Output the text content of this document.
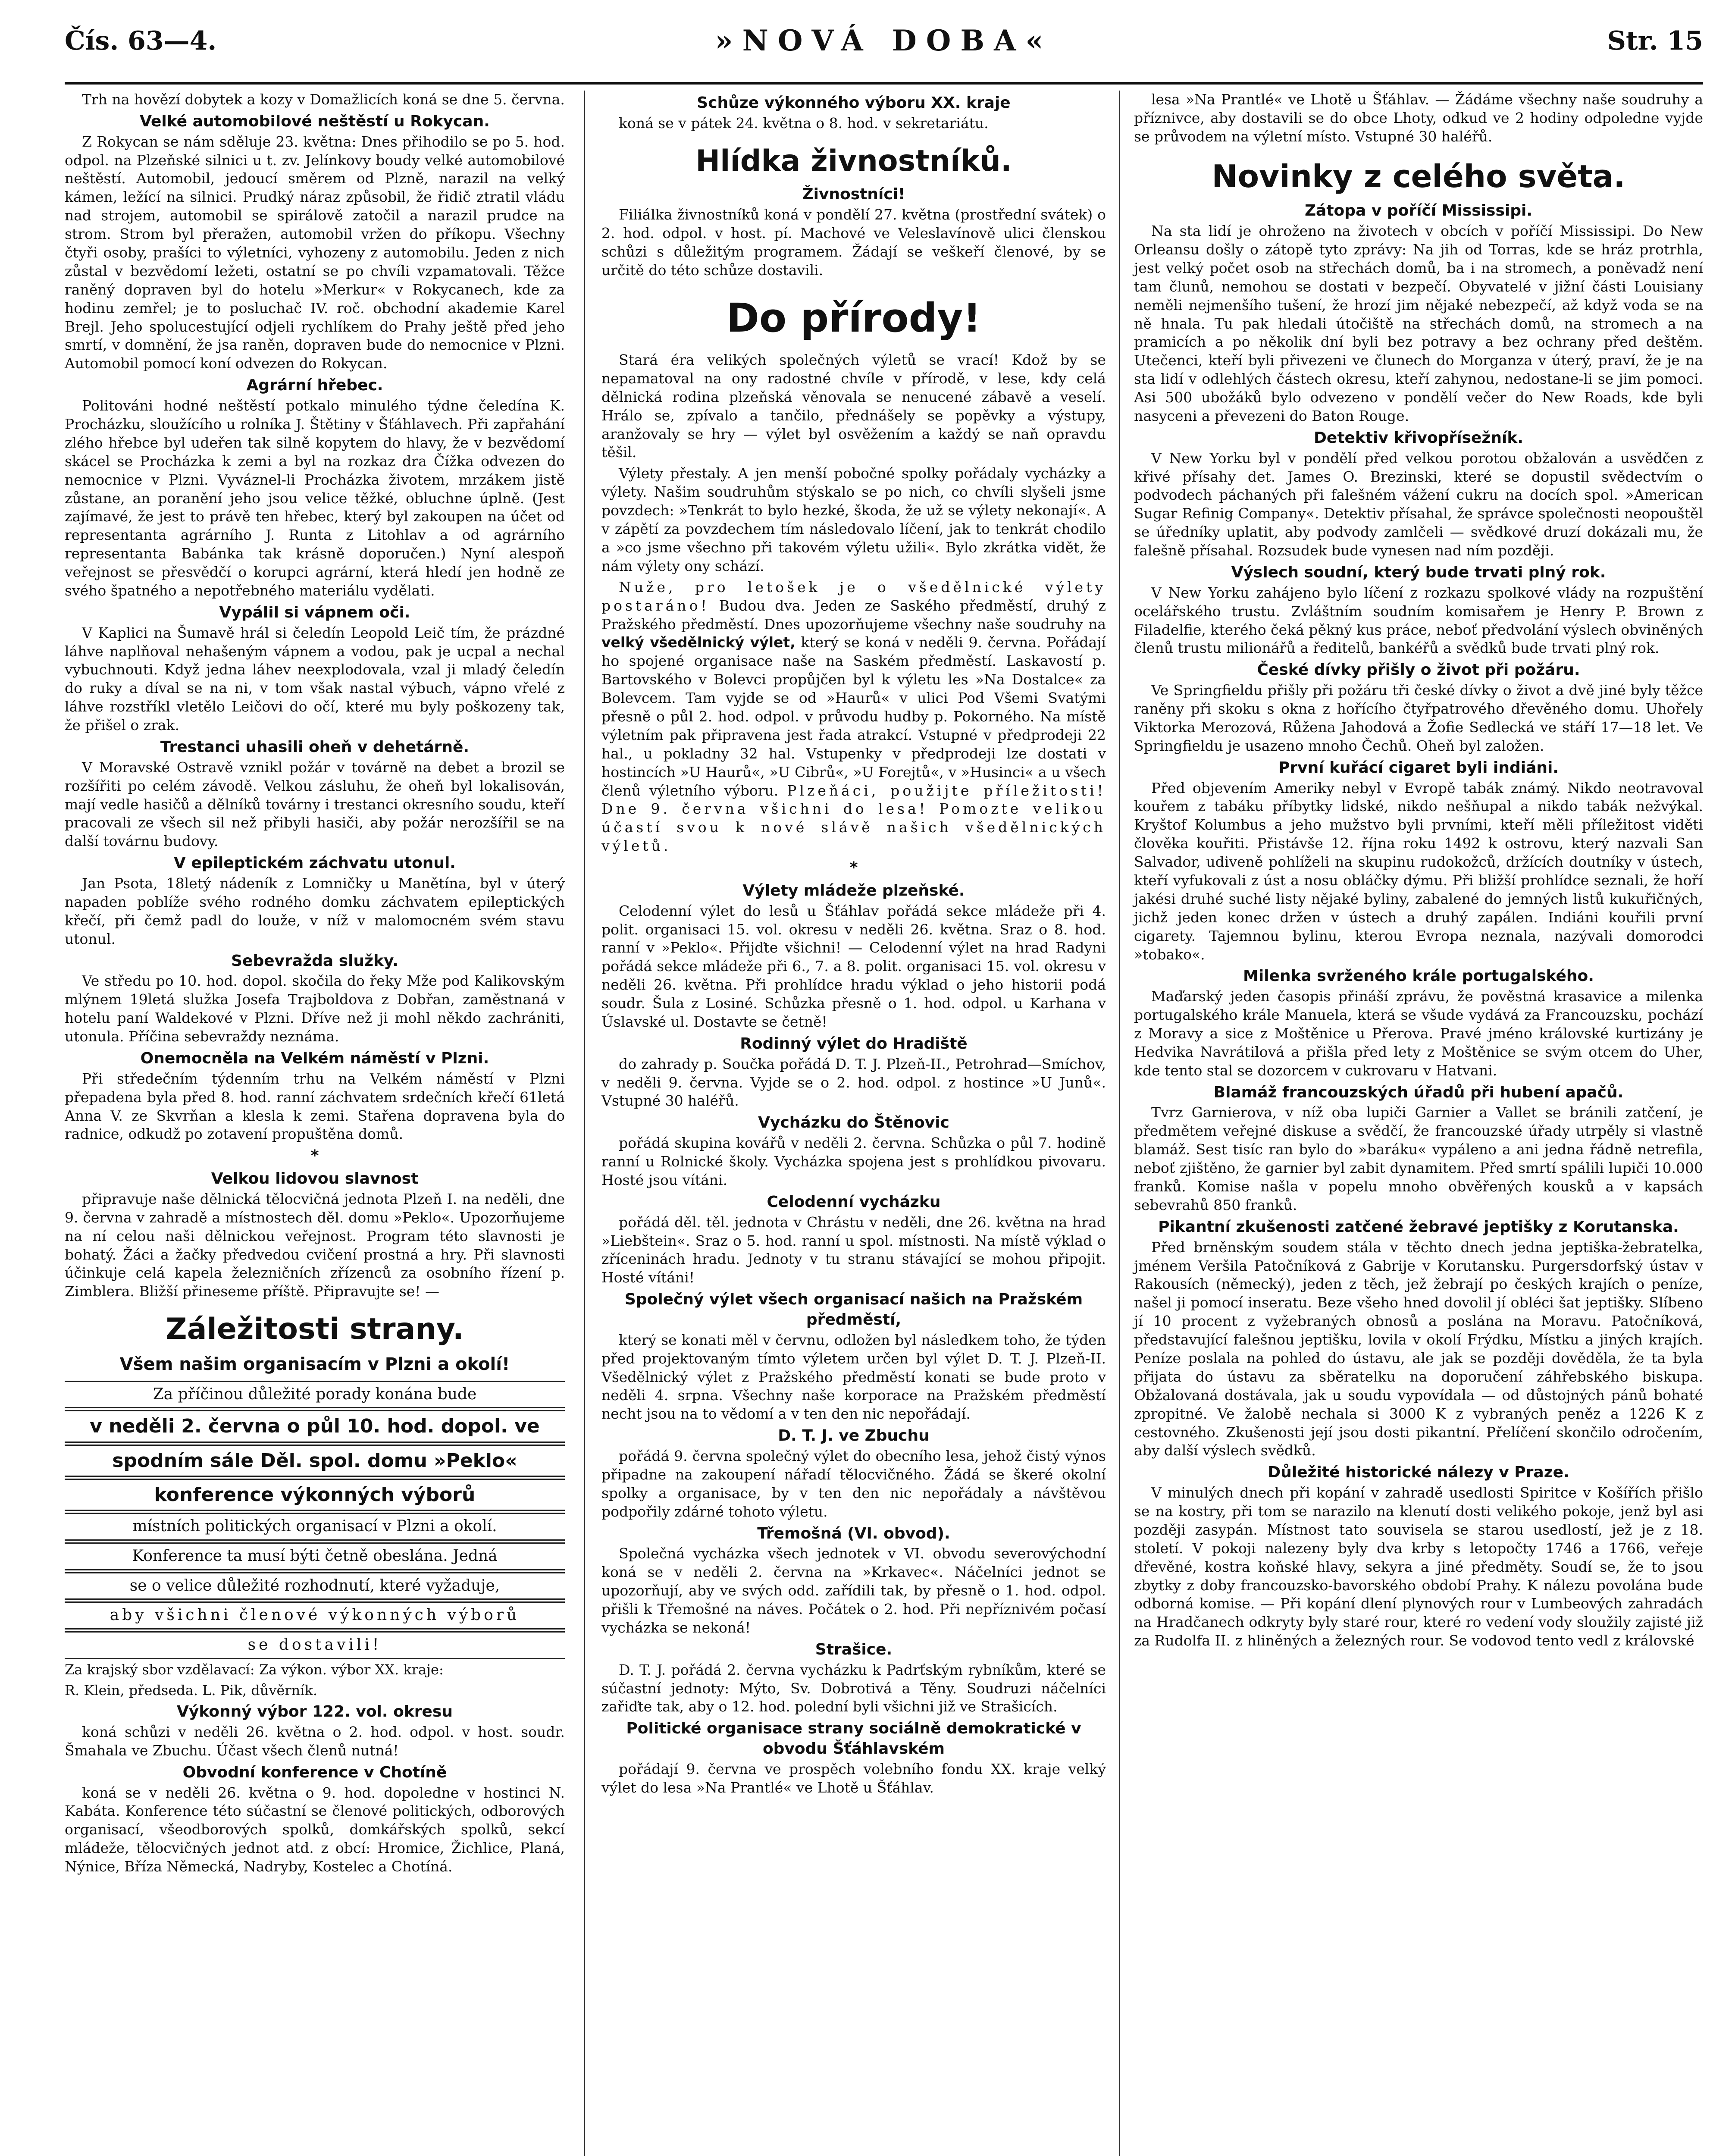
Čís. 63—4.	»NOVÁ DOBA«	Str. 15

Trh na hovězí dobytek a kozy v Domažlicích koná se dne 5. června.

Velké automobilové neštěstí u Rokycan.

Z Rokycan se nám sděluje 23. května: Dnes přihodilo se po 5. hod. odpol. na Plzeňské silnici u t. zv. Jelínkovy boudy velké automobilové neštěstí. Automobil, jedoucí směrem od Plzně, narazil na velký kámen, ležící na silnici. Prudký náraz způsobil, že řidič ztratil vládu nad strojem, automobil se spirálově zatočil a narazil prudce na strom. Strom byl přeražen, automobil vržen do příkopu. Všechny čtyři osoby, prašíci to výletníci, vyhozeny z automobilu. Jeden z nich zůstal v bezvědomí ležeti, ostatní se po chvíli vzpamatovali. Těžce raněný dopraven byl do hotelu »Merkur« v Rokycanech, kde za hodinu zemřel; je to posluchač IV. roč. obchodní akademie Karel Brejl. Jeho spolucestující odjeli rychlíkem do Prahy ještě před jeho smrtí, v domnění, že jsa raněn, dopraven bude do nemocnice v Plzni. Automobil pomocí koní odvezen do Rokycan.

Agrární hřebec.

Politováni hodné neštěstí potkalo minulého týdne čeledína K. Procházku, sloužícího u rolníka J. Štětiny v Šťáhlavech. Při zapřahání zlého hřebce byl udeřen tak silně kopytem do hlavy, že v bezvědomí skácel se Procházka k zemi a byl na rozkaz dra Čížka odvezen do nemocnice v Plzni. Vyváznel-li Procházka životem, mrzákem jistě zůstane, an poranění jeho jsou velice těžké, obluchne úplně. (Jest zajímavé, že jest to právě ten hřebec, který byl zakoupen na účet od representanta agrárního J. Runta z Litohlav a od agrárního representanta Babánka tak krásně doporučen.) Nyní alespoň veřejnost se přesvědčí o korupci agrární, která hledí jen hodně ze svého špatného a nepotřebného materiálu vydělati.

Vypálil si vápnem oči.

V Kaplici na Šumavě hrál si čeledín Leopold Leič tím, že prázdné láhve naplňoval nehašeným vápnem a vodou, pak je ucpal a nechal vybuchnouti. Když jedna láhev neexplodovala, vzal ji mladý čeledín do ruky a díval se na ni, v tom však nastal výbuch, vápno vřelé z láhve rozstříkl vletělo Leičovi do očí, které mu byly poškozeny tak, že přišel o zrak.

Trestanci uhasili oheň v dehetárně.

V Moravské Ostravě vznikl požár v továrně na debet a brozil se rozšířiti po celém závodě. Velkou zásluhu, že oheň byl lokalisován, mají vedle hasičů a dělníků továrny i trestanci okresního soudu, kteří pracovali ze všech sil než přibyli hasiči, aby požár nerozšířil se na další továrnu budovy.

V epileptickém záchvatu utonul.

Jan Psota, 18letý nádeník z Lomničky u Manětína, byl v úterý napaden poblíže svého rodného domku záchvatem epileptických křečí, při čemž padl do louže, v níž v malomocném svém stavu utonul.

Sebevražda služky.

Ve středu po 10. hod. dopol. skočila do řeky Mže pod Kalikovským mlýnem 19letá služka Josefa Trajboldova z Dobřan, zaměstnaná v hotelu paní Waldekové v Plzni. Dříve než ji mohl někdo zachrániti, utonula. Příčina sebevraždy neznáma.

Onemocněla na Velkém náměstí v Plzni.

Při středečním týdenním trhu na Velkém náměstí v Plzni přepadena byla před 8. hod. ranní záchvatem srdečních křečí 61letá Anna V. ze Skvrňan a klesla k zemi. Stařena dopravena byla do radnice, odkudž po zotavení propuštěna domů.

*
Velkou lidovou slavnost

připravuje naše dělnická tělocvičná jednota Plzeň I. na neděli, dne 9. června v zahradě a místnostech děl. domu »Peklo«. Upozorňujeme na ní celou naši dělnickou veřejnost. Program této slavnosti je bohatý. Žáci a žačky předvedou cvičení prostná a hry. Při slavnosti účinkuje celá kapela železničních zřízenců za osobního řízení p. Zimblera. Bližší přineseme příště. Připravujte se! —

Záležitosti strany.
Všem našim organisacím v Plzni a okolí!
Za příčinou důležité porady konána bude
v neděli 2. června o půl 10. hod. dopol. ve
spodním sále Děl. spol. domu »Peklo«
konference výkonných výborů
místních politických organisací v Plzni a okolí.
Konference ta musí býti četně obeslána. Jedná
se o velice důležité rozhodnutí, které vyžaduje,
aby všichni členové výkonných výborů
se dostavili!

Za krajský sbor vzdělavací: Za výkon. výbor XX. kraje:

R. Klein, předseda. L. Pik, důvěrník.

Výkonný výbor 122. vol. okresu

koná schůzi v neděli 26. května o 2. hod. odpol. v host. soudr. Šmahala ve Zbuchu. Účast všech členů nutná!

Obvodní konference v Chotíně

koná se v neděli 26. května o 9. hod. dopoledne v hostinci N. Kabáta. Konference této súčastní se členové politických, odborových organisací, všeodborových spolků, domkářských spolků, sekcí mládeže, tělocvičných jednot atd. z obcí: Hromice, Žichlice, Planá, Nýnice, Bříza Německá, Nadryby, Kostelec a Chotíná.

Schůze výkonného výboru XX. kraje

koná se v pátek 24. května o 8. hod. v sekretariátu.

Hlídka živnostníků.
Živnostníci!

Filiálka živnostníků koná v pondělí 27. května (prostřední svátek) o 2. hod. odpol. v host. pí. Machové ve Veleslavínově ulici členskou schůzi s důležitým programem. Žádají se veškeří členové, by se určitě do této schůze dostavili.

Do přírody!

Stará éra velikých společných výletů se vrací! Kdož by se nepamatoval na ony radostné chvíle v přírodě, v lese, kdy celá dělnická rodina plzeňská věnovala se nenucené zábavě a veselí. Hrálo se, zpívalo a tančilo, přednášely se popěvky a výstupy, aranžovaly se hry — výlet byl osvěžením a každý se naň opravdu těšil.

Výlety přestaly. A jen menší pobočné spolky pořádaly vycházky a výlety. Našim soudruhům stýskalo se po nich, co chvíli slyšeli jsme povzdech: »Tenkrát to bylo hezké, škoda, že už se výlety nekonají«. A v zápětí za povzdechem tím následovalo líčení, jak to tenkrát chodilo a »co jsme všechno při takovém výletu užili«. Bylo zkrátka vidět, že nám výlety ony schází.

Nuže, pro letošek je o všedělnické výlety postaráno! Budou dva. Jeden ze Saského předměstí, druhý z Pražského předměstí. Dnes upozorňujeme všechny naše soudruhy na velký všedělnický výlet, který se koná v neděli 9. června. Pořádají ho spojené organisace naše na Saském předměstí. Laskavostí p. Bartovského v Bolevci propůjčen byl k výletu les »Na Dostalce« za Bolevcem. Tam vyjde se od »Haurů« v ulici Pod Všemi Svatými přesně o půl 2. hod. odpol. v průvodu hudby p. Pokorného. Na místě výletním pak připravena jest řada atrakcí. Vstupné v předprodeji 22 hal., u pokladny 32 hal. Vstupenky v předprodeji lze dostati v hostincích »U Haurů«, »U Cibrů«, »U Forejtů«, v »Husinci« a u všech členů výletního výboru. Plzeňáci, použijte příležitosti! Dne 9. června všichni do lesa! Pomozte velikou účastí svou k nové slávě našich všedělnických výletů.

*
Výlety mládeže plzeňské.

Celodenní výlet do lesů u Šťáhlav pořádá sekce mládeže při 4. polit. organisaci 15. vol. okresu v neděli 26. května. Sraz o 8. hod. ranní v »Peklo«. Přijďte všichni! — Celodenní výlet na hrad Radyni pořádá sekce mládeže při 6., 7. a 8. polit. organisaci 15. vol. okresu v neděli 26. května. Při prohlídce hradu výklad o jeho historii podá soudr. Šula z Losiné. Schůzka přesně o 1. hod. odpol. u Karhana v Úslavské ul. Dostavte se četně!

Rodinný výlet do Hradiště

do zahrady p. Součka pořádá D. T. J. Plzeň-II., Petrohrad—Smíchov, v neděli 9. června. Vyjde se o 2. hod. odpol. z hostince »U Junů«. Vstupné 30 haléřů.

Vycházku do Štěnovic

pořádá skupina kovářů v neděli 2. června. Schůzka o půl 7. hodině ranní u Rolnické školy. Vycházka spojena jest s prohlídkou pivovaru. Hosté jsou vítáni.

Celodenní vycházku

pořádá děl. těl. jednota v Chrástu v neděli, dne 26. května na hrad »Liebštein«. Sraz o 5. hod. ranní u spol. místnosti. Na místě výklad o zříceninách hradu. Jednoty v tu stranu stávající se mohou připojit. Hosté vítáni!

Společný výlet všech organisací našich na Pražském předměstí,

který se konati měl v červnu, odložen byl následkem toho, že týden před projektovaným tímto výletem určen byl výlet D. T. J. Plzeň-II. Všedělnický výlet z Pražského předměstí konati se bude proto v neděli 4. srpna. Všechny naše korporace na Pražském předměstí necht jsou na to vědomí a v ten den nic nepořádají.

D. T. J. ve Zbuchu

pořádá 9. června společný výlet do obecního lesa, jehož čistý výnos připadne na zakoupení nářadí tělocvičného. Žádá se škeré okolní spolky a organisace, by v ten den nic nepořádaly a návštěvou podpořily zdárné tohoto výletu.

Třemošná (VI. obvod).

Společná vycházka všech jednotek v VI. obvodu severovýchodní koná se v neděli 2. června na »Krkavec«. Náčelníci jednot se upozorňují, aby ve svých odd. zařídili tak, by přesně o 1. hod. odpol. přišli k Třemošné na náves. Počátek o 2. hod. Při nepříznivém počasí vycházka se nekoná!

Strašice.

D. T. J. pořádá 2. června vycházku k Padrťským rybníkům, které se súčastní jednoty: Mýto, Sv. Dobrotivá a Těny. Soudruzi náčelníci zařiďte tak, aby o 12. hod. polední byli všichni již ve Strašicích.

Politické organisace strany sociálně demokratické v obvodu Šťáhlavském

pořádají 9. června ve prospěch volebního fondu XX. kraje velký výlet do lesa »Na Prantlé« ve Lhotě u Šťáhlav.

lesa »Na Prantlé« ve Lhotě u Šťáhlav. — Žádáme všechny naše soudruhy a příznivce, aby dostavili se do obce Lhoty, odkud ve 2 hodiny odpoledne vyjde se průvodem na výletní místo. Vstupné 30 haléřů.

Novinky z celého světa.
Zátopa v poříčí Mississipi.

Na sta lidí je ohroženo na životech v obcích v poříčí Mississipi. Do New Orleansu došly o zátopě tyto zprávy: Na jih od Torras, kde se hráz protrhla, jest velký počet osob na střechách domů, ba i na stromech, a poněvadž není tam člunů, nemohou se dostati v bezpečí. Obyvatelé v jižní části Louisiany neměli nejmenšího tušení, že hrozí jim nějaké nebezpečí, až když voda se na ně hnala. Tu pak hledali útočiště na střechách domů, na stromech a na pramicích a po několik dní byli bez potravy a bez ochrany před deštěm. Utečenci, kteří byli přivezeni ve člunech do Morganza v úterý, praví, že je na sta lidí v odlehlých částech okresu, kteří zahynou, nedostane-li se jim pomoci. Asi 500 ubožáků bylo odvezeno v pondělí večer do New Roads, kde byli nasyceni a převezeni do Baton Rouge.

Detektiv křivopřísežník.

V New Yorku byl v pondělí před velkou porotou obžalován a usvědčen z křivé přísahy det. James O. Brezinski, které se dopustil svědectvím o podvodech páchaných při falešném vážení cukru na docích spol. »American Sugar Refinig Company«. Detektiv přísahal, že správce společnosti neopouštěl se úředníky uplatit, aby podvody zamlčeli — svědkové druzí dokázali mu, že falešně přísahal. Rozsudek bude vynesen nad ním později.

Výslech soudní, který bude trvati plný rok.

V New Yorku zahájeno bylo líčení z rozkazu spolkové vlády na rozpuštění ocelářského trustu. Zvláštním soudním komisařem je Henry P. Brown z Filadelfie, kterého čeká pěkný kus práce, neboť předvolání výslech obviněných členů trustu milionářů a ředitelů, bankéřů a svědků bude trvati plný rok.

České dívky přišly o život při požáru.

Ve Springfieldu přišly při požáru tři české dívky o život a dvě jiné byly těžce raněny při skoku s okna z hořícího čtyřpatrového dřevěného domu. Uhořely Viktorka Merozová, Růžena Jahodová a Žofie Sedlecká ve stáří 17—18 let. Ve Springfieldu je usazeno mnoho Čechů. Oheň byl založen.

První kuřácí cigaret byli indiáni.

Před objevením Ameriky nebyl v Evropě tabák známý. Nikdo neotravoval kouřem z tabáku příbytky lidské, nikdo nešňupal a nikdo tabák nežvýkal. Kryštof Kolumbus a jeho mužstvo byli prvními, kteří měli příležitost viděti člověka kouřiti. Přistávše 12. října roku 1492 k ostrovu, který nazvali San Salvador, udiveně pohlíželi na skupinu rudokožců, držících doutníky v ústech, kteří vyfukovali z úst a nosu obláčky dýmu. Při bližší prohlídce seznali, že hoří jakési druhé suché listy nějaké byliny, zabalené do jemných listů kukuřičných, jichž jeden konec držen v ústech a druhý zapálen. Indiáni kouřili první cigarety. Tajemnou bylinu, kterou Evropa neznala, nazývali domorodci »tobako«.

Milenka svrženého krále portugalského.

Maďarský jeden časopis přináší zprávu, že pověstná krasavice a milenka portugalského krále Manuela, která se všude vydává za Francouzsku, pochází z Moravy a sice z Moštěnice u Přerova. Pravé jméno královské kurtizány je Hedvika Navrátilová a přišla před lety z Moštěnice se svým otcem do Uher, kde tento stal se dozorcem v cukrovaru v Hatvani.

Blamáž francouzských úřadů při hubení apačů.

Tvrz Garnierova, v níž oba lupiči Garnier a Vallet se bránili zatčení, je předmětem veřejné diskuse a svědčí, že francouzské úřady utrpěly si vlastně blamáž. Sest tisíc ran bylo do »baráku« vypáleno a ani jedna řádně netrefila, neboť zjištěno, že garnier byl zabit dynamitem. Před smrtí spálili lupiči 10.000 franků. Komise našla v popelu mnoho obvěřených kousků a v kapsách sebevrahů 850 franků.

Pikantní zkušenosti zatčené žebravé jeptišky z Korutanska.

Před brněnským soudem stála v těchto dnech jedna jeptiška-žebratelka, jménem Veršila Patočníková z Gabrije v Korutansku. Purgersdorfský ústav v Rakousích (německý), jeden z těch, jež žebrají po českých krajích o peníze, našel ji pomocí inseratu. Beze všeho hned dovolil jí obléci šat jeptišky. Slíbeno jí 10 procent z vyžebraných obnosů a poslána na Moravu. Patočníková, představující falešnou jeptišku, lovila v okolí Frýdku, Místku a jiných krajích. Peníze poslala na pohled do ústavu, ale jak se později dověděla, že ta byla přijata do ústavu za sběratelku na doporučení záhřebského biskupa. Obžalovaná dostávala, jak u soudu vypovídala — od důstojných pánů bohaté zpropitné. Ve žalobě nechala si 3000 K z vybraných peněz a 1226 K z cestovného. Zkušenosti její jsou dosti pikantní. Přelíčení skončilo odročením, aby další výslech svědků.

Důležité historické nálezy v Praze.

V minulých dnech při kopání v zahradě usedlosti Spiritce v Košířích přišlo se na kostry, při tom se narazilo na klenutí dosti velikého pokoje, jenž byl asi později zasypán. Místnost tato souvisela se starou usedlostí, jež je z 18. století. V pokoji nalezeny byly dva krby s letopočty 1746 a 1766, veřeje dřevěné, kostra koňské hlavy, sekyra a jiné předměty. Soudí se, že to jsou zbytky z doby francouzsko-bavorského období Prahy. K nálezu povolána bude odborná komise. — Při kopání dlení plynových rour v Lumbeových zahradách na Hradčanech odkryty byly staré rour, které ro vedení vody sloužily zajisté již za Rudolfa II. z hliněných a železných rour. Se vodovod tento vedl z královské
